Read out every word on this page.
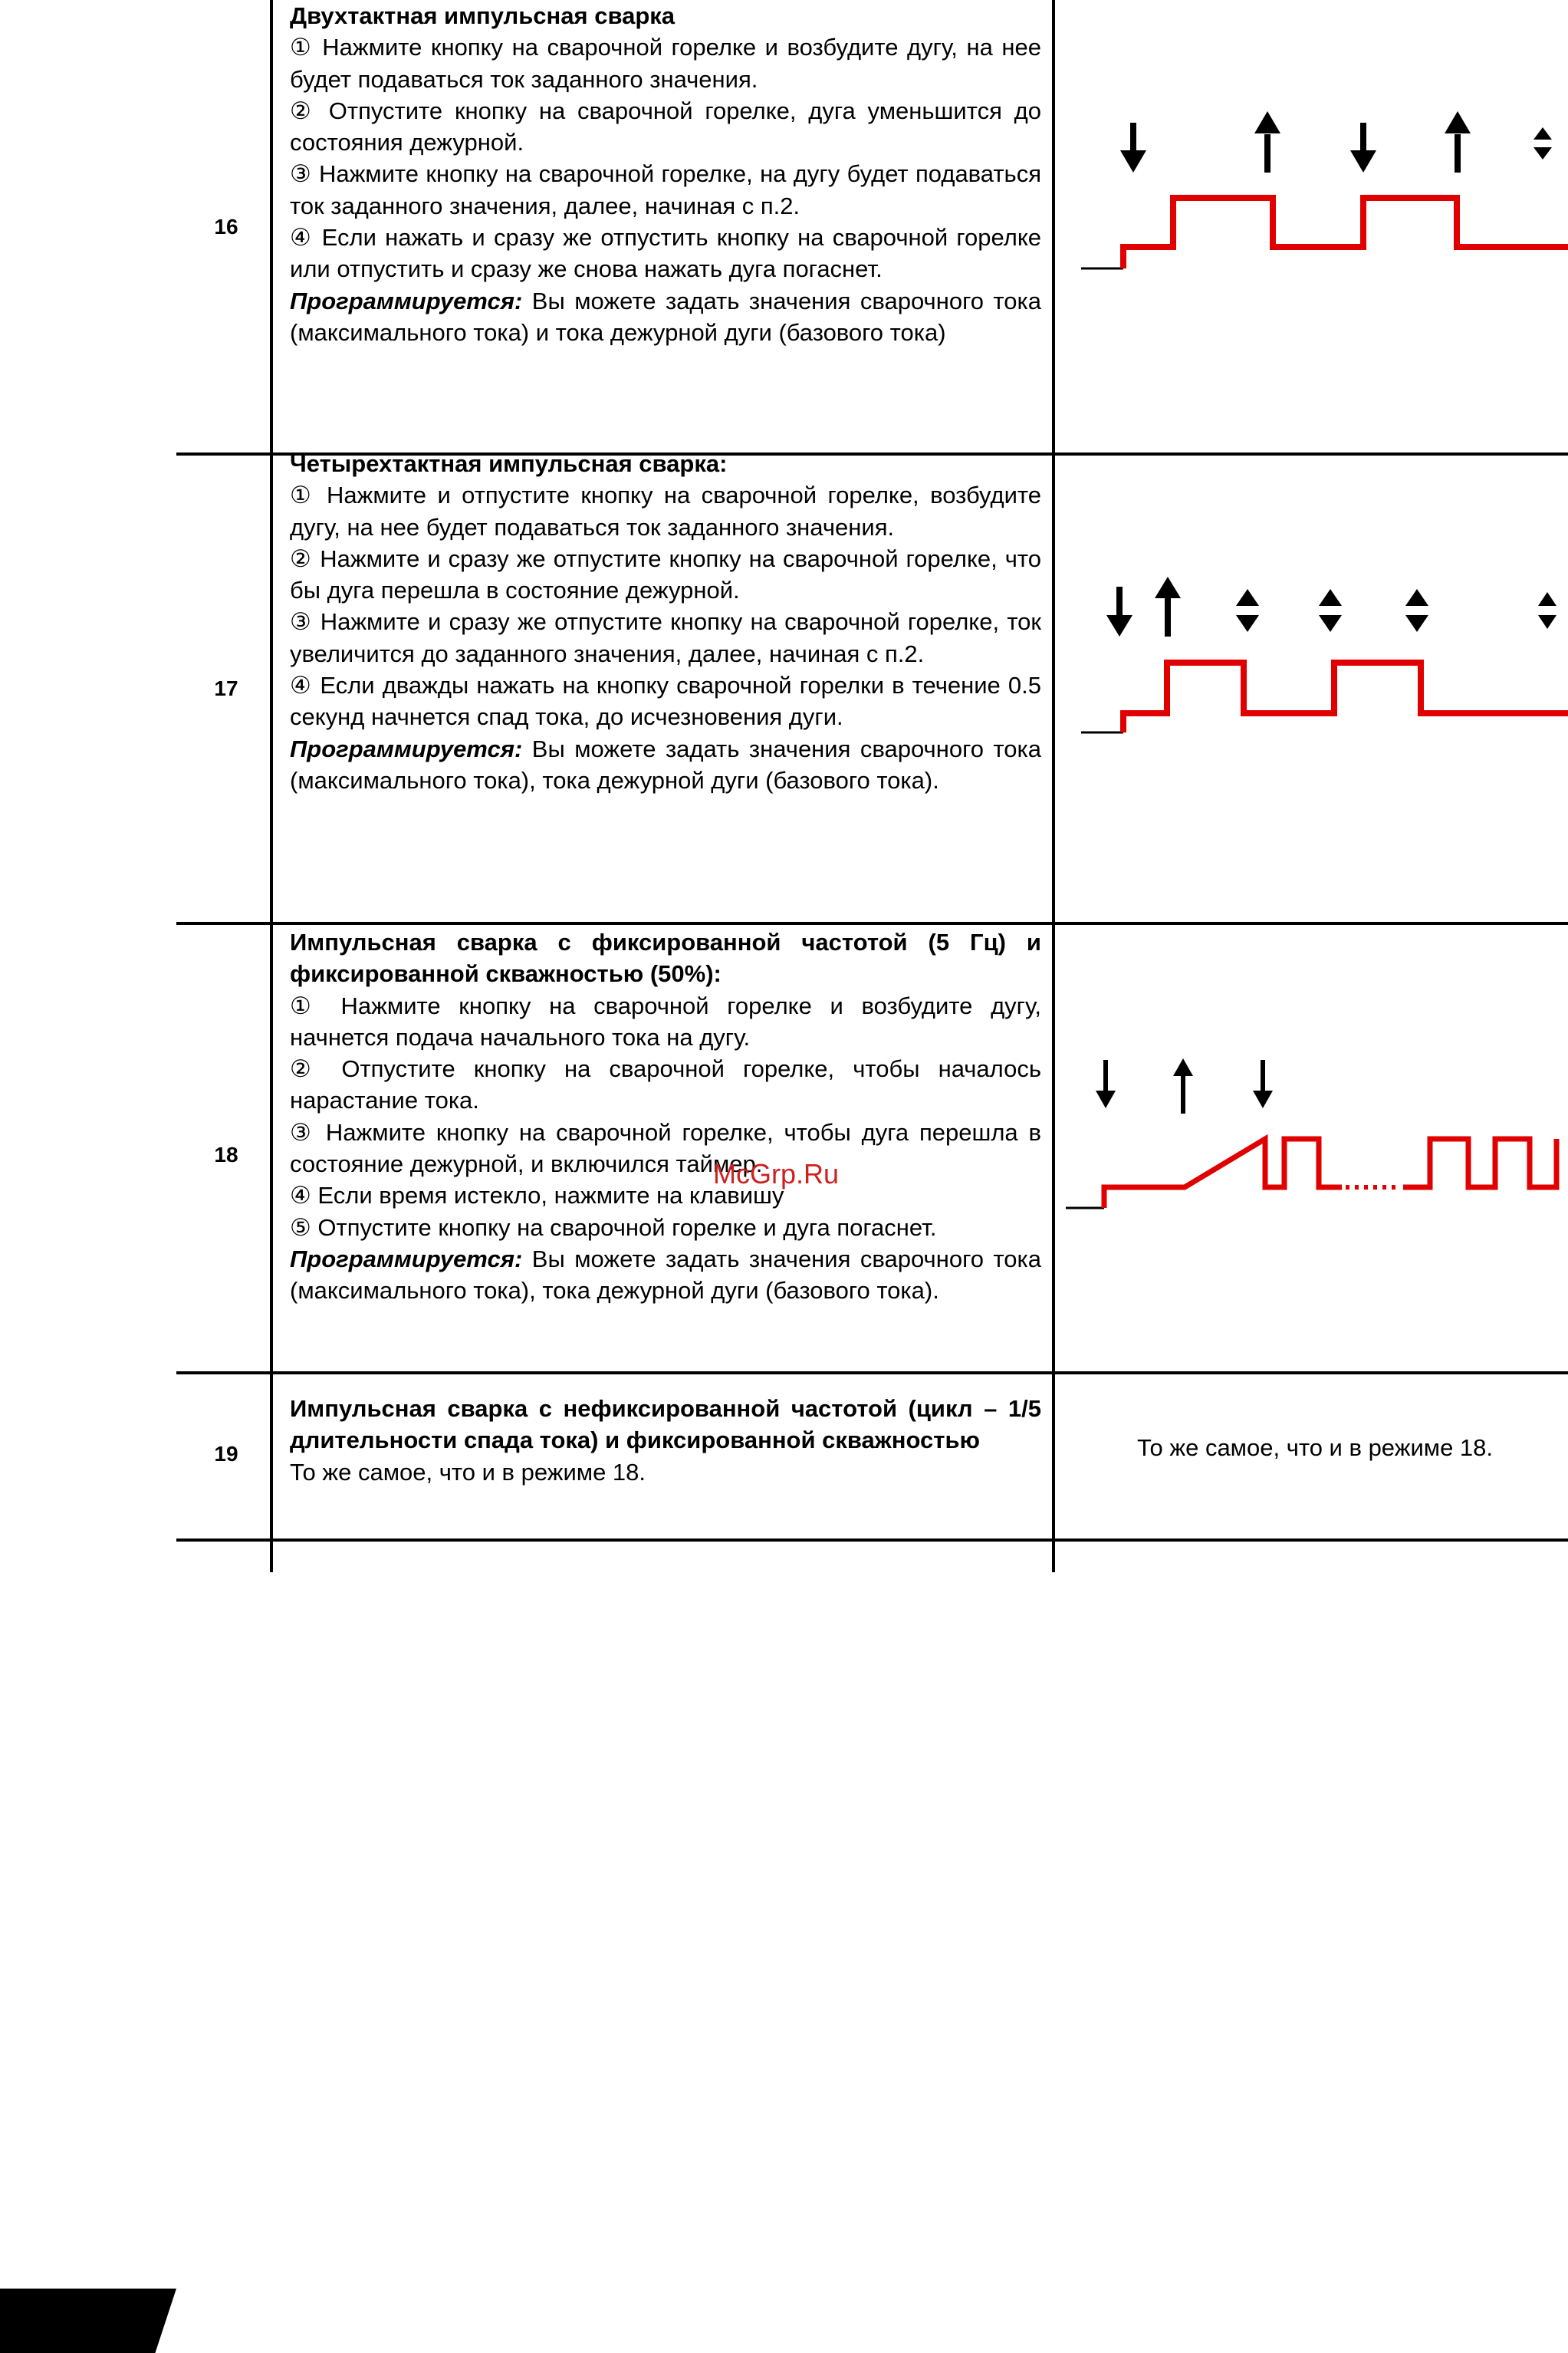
16

Двухтактная импульсная сварка

① Нажмите кнопку на сварочной горелке и возбудите дугу, на нее будет подаваться ток заданного значения.

② Отпустите кнопку на сварочной горелке, дуга уменьшится до состояния дежурной.

③ Нажмите кнопку на сварочной горелке, на дугу будет подаваться ток заданного значения, далее, начиная с п.2.

④ Если нажать и сразу же отпустить кнопку на сварочной горелке или отпустить и сразу же снова нажать дуга погаснет.

Программируется: Вы можете задать значения сварочного тока (максимального тока) и тока дежурной дуги (базового тока)

17

Четырехтактная импульсная сварка:

① Нажмите и отпустите кнопку на сварочной горелке, возбудите дугу, на нее будет подаваться ток заданного значения.

② Нажмите и сразу же отпустите кнопку на сварочной горелке, что бы дуга перешла в состояние дежурной.

③ Нажмите и сразу же отпустите кнопку на сварочной горелке, ток увеличится до заданного значения, далее, начиная с п.2.

④ Если дважды нажать на кнопку сварочной горелки в течение 0.5 секунд начнется спад тока, до исчезновения дуги.

Программируется: Вы можете задать значения сварочного тока (максимального тока), тока дежурной дуги (базового тока).

18

Импульсная сварка с фиксированной частотой (5 Гц) и фиксированной скважностью (50%):

① Нажмите кнопку на сварочной горелке и возбудите дугу, начнется подача начального тока на дугу.

② Отпустите кнопку на сварочной горелке, чтобы началось нарастание тока.

③ Нажмите кнопку на сварочной горелке, чтобы дуга перешла в состояние дежурной, и включился таймер.

④ Если время истекло, нажмите на клавишу

⑤ Отпустите кнопку на сварочной горелке и дуга погаснет.

Программируется: Вы можете задать значения сварочного тока (максимального тока), тока дежурной дуги (базового тока).

McGrp.Ru
19

Импульсная сварка с нефиксированной частотой (цикл – 1/5 длительности спада тока) и фиксированной скважностью

То же самое, что и в режиме 18.

То же самое, что и в режиме 18.
